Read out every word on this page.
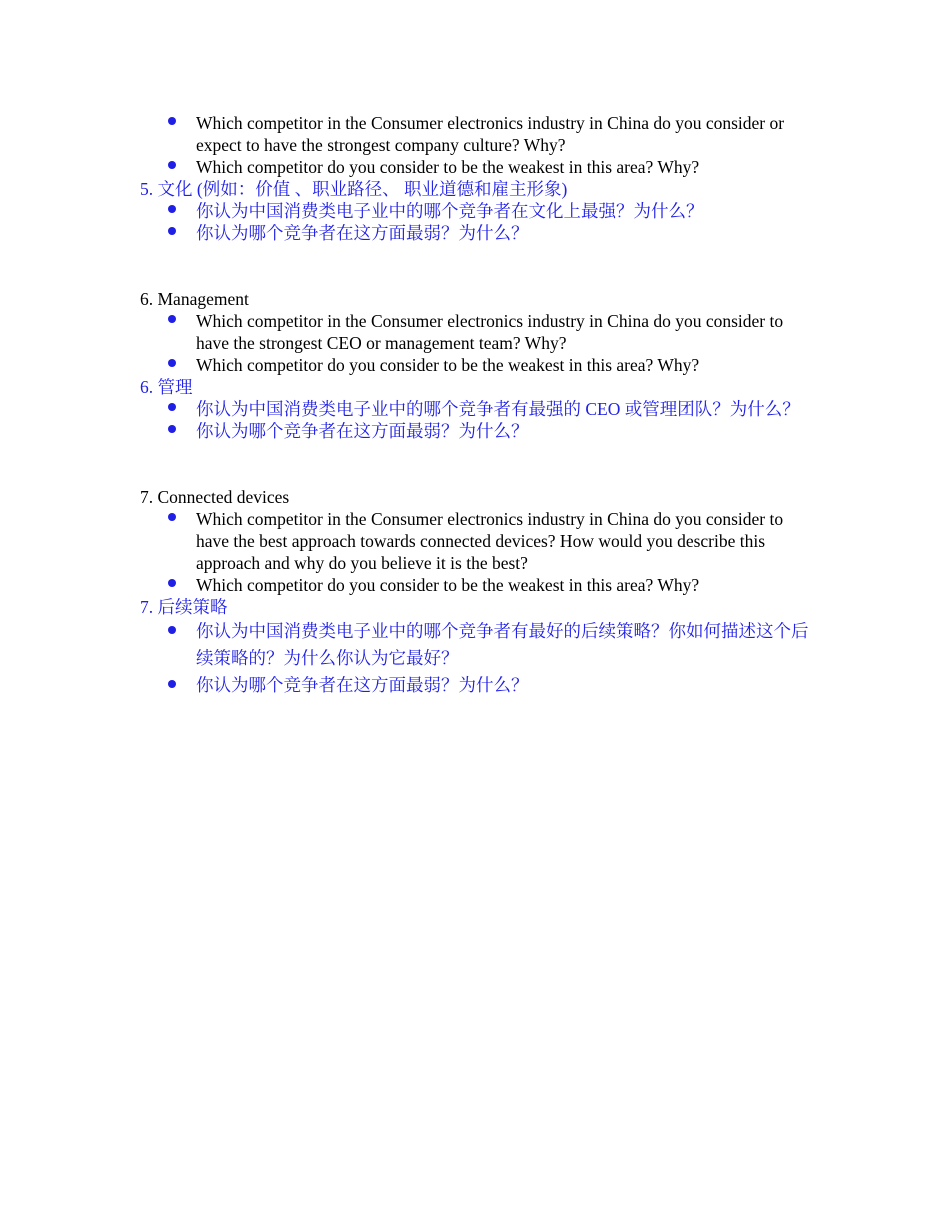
Which competitor in the Consumer electronics industry in China do you consider or expect to have the strongest company culture? Why?
Which competitor do you consider to be the weakest in this area? Why?

5. 文化 (例如：价值 、职业路径、 职业道德和雇主形象)

你认为中国消费类电子业中的哪个竞争者在文化上最强？为什么？
你认为哪个竞争者在这方面最弱？为什么？

6. Management

Which competitor in the Consumer electronics industry in China do you consider to have the strongest CEO or management team? Why?
Which competitor do you consider to be the weakest in this area? Why?

6. 管理

你认为中国消费类电子业中的哪个竞争者有最强的 CEO 或管理团队？为什么？
你认为哪个竞争者在这方面最弱？为什么？

7. Connected devices

Which competitor in the Consumer electronics industry in China do you consider to have the best approach towards connected devices? How would you describe this approach and why do you believe it is the best?
Which competitor do you consider to be the weakest in this area? Why?

7. 后续策略

你认为中国消费类电子业中的哪个竞争者有最好的后续策略？你如何描述这个后续策略的？为什么你认为它最好？
你认为哪个竞争者在这方面最弱？为什么？
